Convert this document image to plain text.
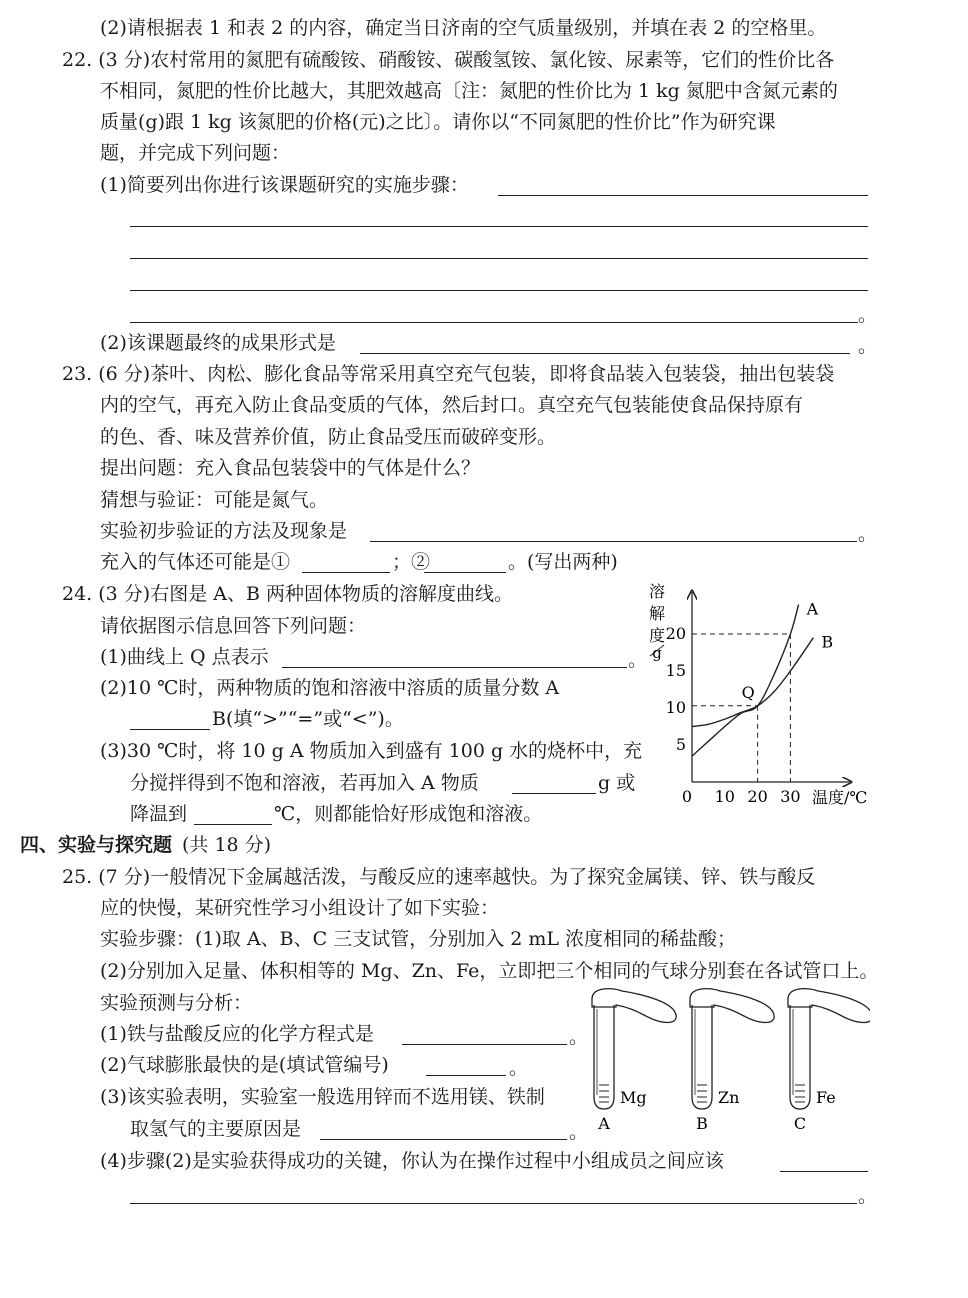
(2)请根据表 1 和表 2 的内容，确定当日济南的空气质量级别，并填在表 2 的空格里。
22. (3 分)农村常用的氮肥有硫酸铵、硝酸铵、碳酸氢铵、氯化铵、尿素等，它们的性价比各
不相同，氮肥的性价比越大，其肥效越高〔注：氮肥的性价比为 1 kg 氮肥中含氮元素的
质量(g)跟 1 kg 该氮肥的价格(元)之比〕。请你以“不同氮肥的性价比”作为研究课
题，并完成下列问题：
(1)简要列出你进行该课题研究的实施步骤：
。
(2)该课题最终的成果形式是	。
23. (6 分)茶叶、肉松、膨化食品等常采用真空充气包装，即将食品装入包装袋，抽出包装袋
内的空气，再充入防止食品变质的气体，然后封口。真空充气包装能使食品保持原有
的色、香、味及营养价值，防止食品受压而破碎变形。
提出问题：充入食品包装袋中的气体是什么？
猜想与验证：可能是氮气。
实验初步验证的方法及现象是	。
充入的气体还可能是①	；②	。(写出两种)
24. (3 分)右图是 A、B 两种固体物质的溶解度曲线。
请依据图示信息回答下列问题：
(1)曲线上 Q 点表示	。
(2)10 ℃时，两种物质的饱和溶液中溶质的质量分数 A
B(填“>”“=”或“<”)。
(3)30 ℃时，将 10 g A 物质加入到盛有 100 g 水的烧杯中，充
分搅拌得到不饱和溶液，若再加入 A 物质	g 或
降温到	℃，则都能恰好形成饱和溶液。
溶
解
度
g
温度/℃
0 10 20 30
5
10
15
20
A
B
Q
四、实验与探究题 (共 18 分)
25. (7 分)一般情况下金属越活泼，与酸反应的速率越快。为了探究金属镁、锌、铁与酸反
应的快慢，某研究性学习小组设计了如下实验：
实验步骤：(1)取 A、B、C 三支试管，分别加入 2 mL 浓度相同的稀盐酸；
(2)分别加入足量、体积相等的 Mg、Zn、Fe，立即把三个相同的气球分别套在各试管口上。
实验预测与分析：
(1)铁与盐酸反应的化学方程式是	。
(2)气球膨胀最快的是(填试管编号)	。
(3)该实验表明，实验室一般选用锌而不选用镁、铁制
取氢气的主要原因是	。
(4)步骤(2)是实验获得成功的关键，你认为在操作过程中小组成员之间应该
。
Mg
A
Zn
B
Fe
C
